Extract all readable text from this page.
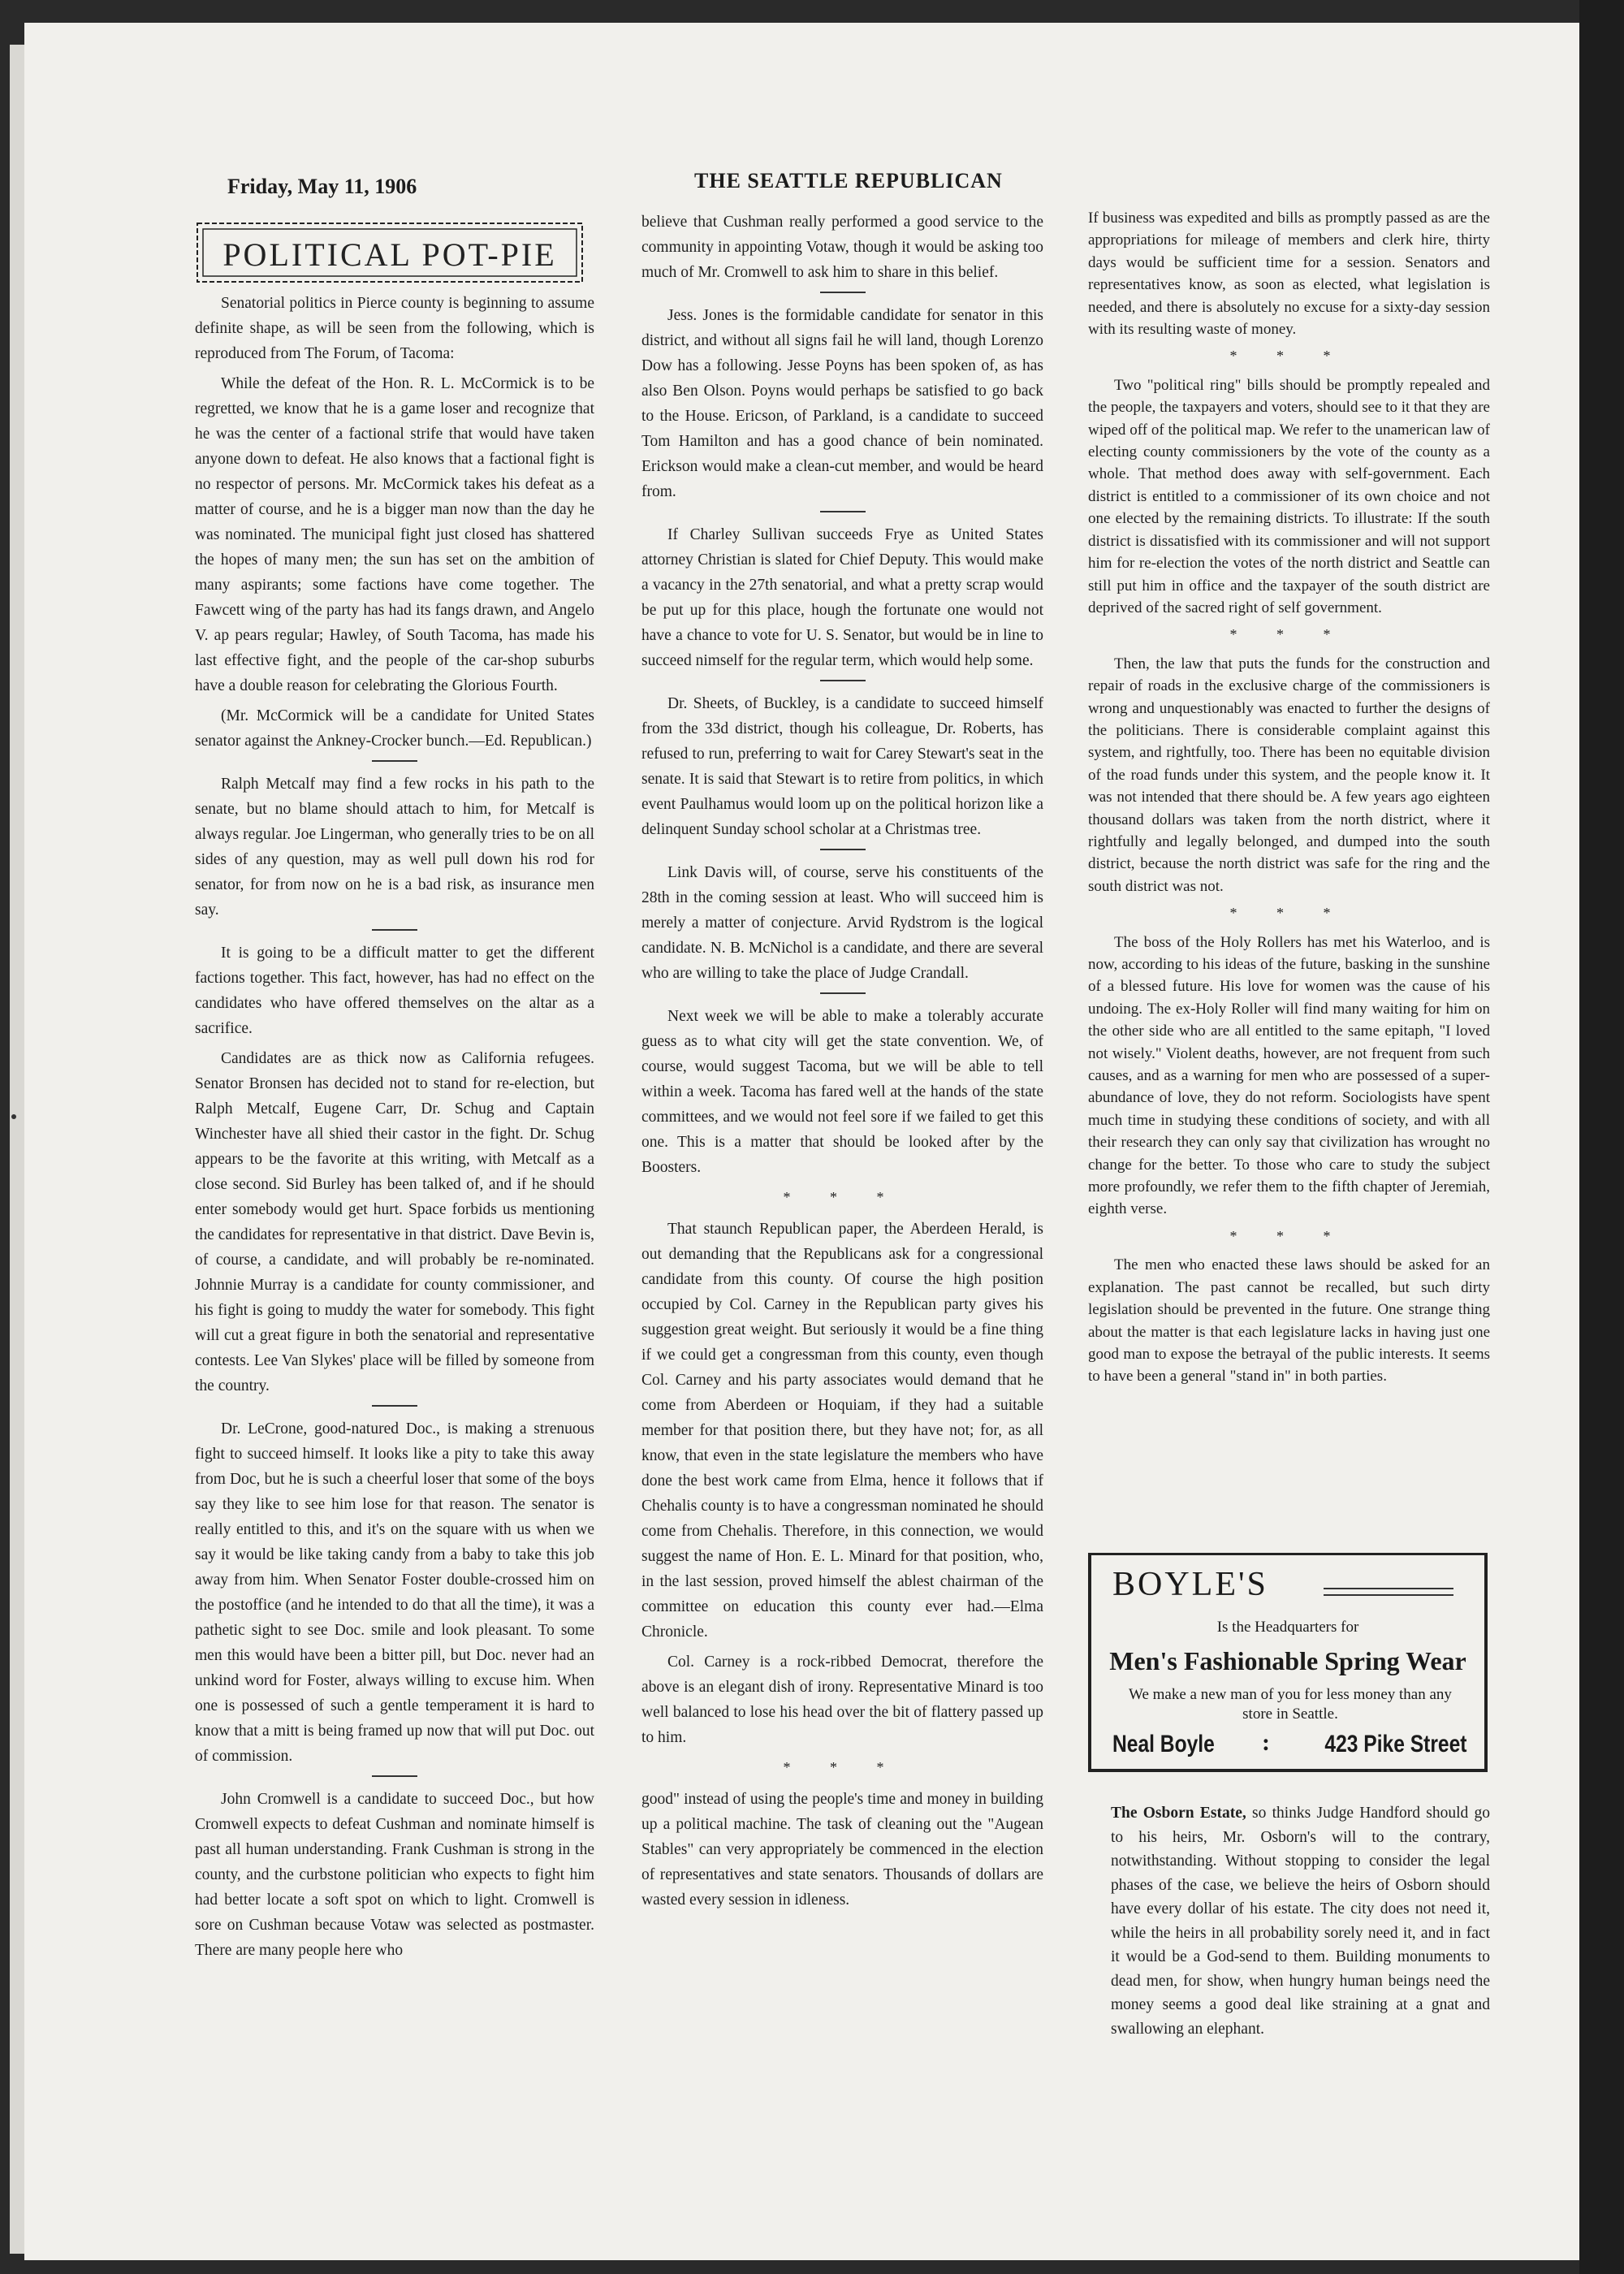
Friday, May 11, 1906	THE SEATTLE REPUBLICAN
POLITICAL POT-PIE

Senatorial politics in Pierce county is beginning to assume definite shape, as will be seen from the following, which is reproduced from The Forum, of Tacoma:

While the defeat of the Hon. R. L. McCormick is to be regretted, we know that he is a game loser and recognize that he was the center of a factional strife that would have taken anyone down to defeat. He also knows that a factional fight is no respector of persons. Mr. McCormick takes his defeat as a matter of course, and he is a bigger man now than the day he was nominated. The municipal fight just closed has shattered the hopes of many men; the sun has set on the ambition of many aspirants; some factions have come together. The Fawcett wing of the party has had its fangs drawn, and Angelo V. ap pears regular; Hawley, of South Tacoma, has made his last effective fight, and the people of the car-shop suburbs have a double reason for celebrating the Glorious Fourth.

(Mr. McCormick will be a candidate for United States senator against the Ankney-Crocker bunch.—Ed. Republican.)

Ralph Metcalf may find a few rocks in his path to the senate, but no blame should attach to him, for Metcalf is always regular. Joe Lingerman, who generally tries to be on all sides of any question, may as well pull down his rod for senator, for from now on he is a bad risk, as insurance men say.

It is going to be a difficult matter to get the different factions together. This fact, however, has had no effect on the candidates who have offered themselves on the altar as a sacrifice.

Candidates are as thick now as California refugees. Senator Bronsen has decided not to stand for re-election, but Ralph Metcalf, Eugene Carr, Dr. Schug and Captain Winchester have all shied their castor in the fight. Dr. Schug appears to be the favorite at this writing, with Metcalf as a close second. Sid Burley has been talked of, and if he should enter somebody would get hurt. Space forbids us mentioning the candidates for representative in that district. Dave Bevin is, of course, a candidate, and will probably be re-nominated. Johnnie Murray is a candidate for county commissioner, and his fight is going to muddy the water for somebody. This fight will cut a great figure in both the senatorial and representative contests. Lee Van Slykes' place will be filled by someone from the country.

Dr. LeCrone, good-natured Doc., is making a strenuous fight to succeed himself. It looks like a pity to take this away from Doc, but he is such a cheerful loser that some of the boys say they like to see him lose for that reason. The senator is really entitled to this, and it's on the square with us when we say it would be like taking candy from a baby to take this job away from him. When Senator Foster double-crossed him on the postoffice (and he intended to do that all the time), it was a pathetic sight to see Doc. smile and look pleasant. To some men this would have been a bitter pill, but Doc. never had an unkind word for Foster, always willing to excuse him. When one is possessed of such a gentle temperament it is hard to know that a mitt is being framed up now that will put Doc. out of commission.

John Cromwell is a candidate to succeed Doc., but how Cromwell expects to defeat Cushman and nominate himself is past all human understanding. Frank Cushman is strong in the county, and the curbstone politician who expects to fight him had better locate a soft spot on which to light. Cromwell is sore on Cushman because Votaw was selected as postmaster. There are many people here who

believe that Cushman really performed a good service to the community in appointing Votaw, though it would be asking too much of Mr. Cromwell to ask him to share in this belief.

Jess. Jones is the formidable candidate for senator in this district, and without all signs fail he will land, though Lorenzo Dow has a following. Jesse Poyns has been spoken of, as has also Ben Olson. Poyns would perhaps be satisfied to go back to the House. Ericson, of Parkland, is a candidate to succeed Tom Hamilton and has a good chance of bein nominated. Erickson would make a clean-cut member, and would be heard from.

If Charley Sullivan succeeds Frye as United States attorney Christian is slated for Chief Deputy. This would make a vacancy in the 27th senatorial, and what a pretty scrap would be put up for this place, hough the fortunate one would not have a chance to vote for U. S. Senator, but would be in line to succeed nimself for the regular term, which would help some.

Dr. Sheets, of Buckley, is a candidate to succeed himself from the 33d district, though his colleague, Dr. Roberts, has refused to run, preferring to wait for Carey Stewart's seat in the senate. It is said that Stewart is to retire from politics, in which event Paulhamus would loom up on the political horizon like a delinquent Sunday school scholar at a Christmas tree.

Link Davis will, of course, serve his constituents of the 28th in the coming session at least. Who will succeed him is merely a matter of conjecture. Arvid Rydstrom is the logical candidate. N. B. McNichol is a candidate, and there are several who are willing to take the place of Judge Crandall.

Next week we will be able to make a tolerably accurate guess as to what city will get the state convention. We, of course, would suggest Tacoma, but we will be able to tell within a week. Tacoma has fared well at the hands of the state committees, and we would not feel sore if we failed to get this one. This is a matter that should be looked after by the Boosters.

* * *

That staunch Republican paper, the Aberdeen Herald, is out demanding that the Republicans ask for a congressional candidate from this county. Of course the high position occupied by Col. Carney in the Republican party gives his suggestion great weight. But seriously it would be a fine thing if we could get a congressman from this county, even though Col. Carney and his party associates would demand that he come from Aberdeen or Hoquiam, if they had a suitable member for that position there, but they have not; for, as all know, that even in the state legislature the members who have done the best work came from Elma, hence it follows that if Chehalis county is to have a congressman nominated he should come from Chehalis. Therefore, in this connection, we would suggest the name of Hon. E. L. Minard for that position, who, in the last session, proved himself the ablest chairman of the committee on education this county ever had.—Elma Chronicle.

Col. Carney is a rock-ribbed Democrat, therefore the above is an elegant dish of irony. Representative Minard is too well balanced to lose his head over the bit of flattery passed up to him.

* * *

good" instead of using the people's time and money in building up a political machine. The task of cleaning out the "Augean Stables" can very appropriately be commenced in the election of representatives and state senators. Thousands of dollars are wasted every session in idleness.

If business was expedited and bills as promptly passed as are the appropriations for mileage of members and clerk hire, thirty days would be sufficient time for a session. Senators and representatives know, as soon as elected, what legislation is needed, and there is absolutely no excuse for a sixty-day session with its resulting waste of money.

* * *

Two "political ring" bills should be promptly repealed and the people, the taxpayers and voters, should see to it that they are wiped off of the political map. We refer to the unamerican law of electing county commissioners by the vote of the county as a whole. That method does away with self-government. Each district is entitled to a commissioner of its own choice and not one elected by the remaining districts. To illustrate: If the south district is dissatisfied with its commissioner and will not support him for re-election the votes of the north district and Seattle can still put him in office and the taxpayer of the south district are deprived of the sacred right of self government.

* * *

Then, the law that puts the funds for the construction and repair of roads in the exclusive charge of the commissioners is wrong and unquestionably was enacted to further the designs of the politicians. There is considerable complaint against this system, and rightfully, too. There has been no equitable division of the road funds under this system, and the people know it. It was not intended that there should be. A few years ago eighteen thousand dollars was taken from the north district, where it rightfully and legally belonged, and dumped into the south district, because the north district was safe for the ring and the south district was not.

* * *

The boss of the Holy Rollers has met his Waterloo, and is now, according to his ideas of the future, basking in the sunshine of a blessed future. His love for women was the cause of his undoing. The ex-Holy Roller will find many waiting for him on the other side who are all entitled to the same epitaph, "I loved not wisely." Violent deaths, however, are not frequent from such causes, and as a warning for men who are possessed of a super-abundance of love, they do not reform. Sociologists have spent much time in studying these conditions of society, and with all their research they can only say that civilization has wrought no change for the better. To those who care to study the subject more profoundly, we refer them to the fifth chapter of Jeremiah, eighth verse.

* * *

The men who enacted these laws should be asked for an explanation. The past cannot be recalled, but such dirty legislation should be prevented in the future. One strange thing about the matter is that each legislature lacks in having just one good man to expose the betrayal of the public interests. It seems to have been a general "stand in" in both parties.

BOYLE'S
Is the Headquarters for
Men's Fashionable Spring Wear
We make a new man of you for less money than any store in Seattle.
Neal Boyle : 423 Pike Street
The Osborn Estate, so thinks Judge Handford should go to his heirs, Mr. Osborn's will to the contrary, notwithstanding. Without stopping to consider the legal phases of the case, we believe the heirs of Osborn should have every dollar of his estate. The city does not need it, while the heirs in all probability sorely need it, and in fact it would be a God-send to them. Building monuments to dead men, for show, when hungry human beings need the money seems a good deal like straining at a gnat and swallowing an elephant.
